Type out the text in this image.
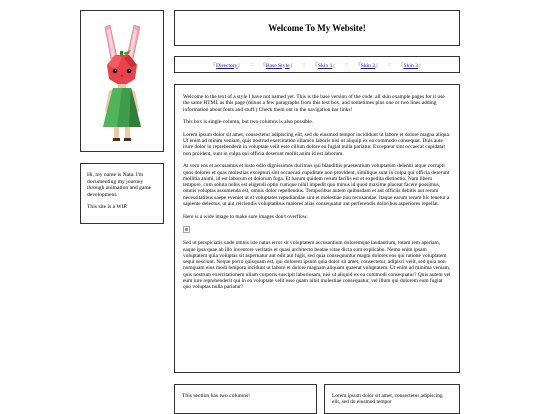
Hi, my name is Nata. I'm documenting my journey through animation and game development.

This site is a WIP.

Welcome To My Website!
『Directory』	::	『Base Style』	::	『Skin 1』	::	『Skin 2』	::	『Skin 3』

Welcome to the text of a style I have not named yet. This is the base version of the code: all skin example pages for it use the same HTML as this page (minus a few paragraphs from this text box, and sometimes plus one or two lines adding information about fonts and stuff.) Check them out in the navigation bar links!

This box is single-column, but two columns is also possible.

Lorem ipsum dolor sit amet, consectetur adipiscing elit, sed do eiusmod tempor incididunt ut labore et dolore magna aliqua. Ut enim ad minim veniam, quis nostrud exercitation ullamco laboris nisi ut aliquip ex ea commodo consequat. Duis aute irure dolor in reprehenderit in voluptate velit esse cillum dolore eu fugiat nulla pariatur. Excepteur sint occaecat cupidatat non proident, sunt in culpa qui officia deserunt mollit anim id est laborum.

At vero eos et accusamus et iusto odio dignissimos ducimus qui blanditiis praesentium voluptatum deleniti atque corrupti quos dolores et quas molestias excepturi sint occaecati cupiditate non provident, similique sunt in culpa qui officia deserunt mollitia animi, id est laborum et dolorum fuga. Et harum quidem rerum facilis est et expedita distinctio. Nam libero tempore, cum soluta nobis est eligendi optio cumque nihil impedit quo minus id quod maxime placeat facere possimus, omnis voluptas assumenda est, omnis dolor repellendus. Temporibus autem quibusdam et aut officiis debitis aut rerum necessitatibus saepe eveniet ut et voluptates repudiandae sint et molestiae non recusandae. Itaque earum rerum hic tenetur a sapiente delectus, ut aut reiciendis voluptatibus maiores alias consequatur aut perferendis doloribus asperiores repellat.

Here is a wide image to make sure images don't overflow.

Sed ut perspiciatis unde omnis iste natus error sit voluptatem accusantium doloremque laudantium, totam rem aperiam, eaque ipsa quae ab illo inventore veritatis et quasi architecto beatae vitae dicta sunt explicabo. Nemo enim ipsam voluptatem quia voluptas sit aspernatur aut odit aut fugit, sed quia consequuntur magni dolores eos qui ratione voluptatem sequi nesciunt. Neque porro quisquam est, qui dolorem ipsum quia dolor sit amet, consectetur, adipisci velit, sed quia non numquam eius modi tempora incidunt ut labore et dolore magnam aliquam quaerat voluptatem. Ut enim ad minima veniam, quis nostrum exercitationem ullam corporis suscipit laboriosam, nisi ut aliquid ex ea commodi consequatur? Quis autem vel eum iure reprehenderit qui in ea voluptate velit esse quam nihil molestiae consequatur, vel illum qui dolorem eum fugiat quo voluptas nulla pariatur?

This section has two columns!	Lorem ipsum dolor sit amet, consectetur adipiscing elit, sed do eiusmod tempor
